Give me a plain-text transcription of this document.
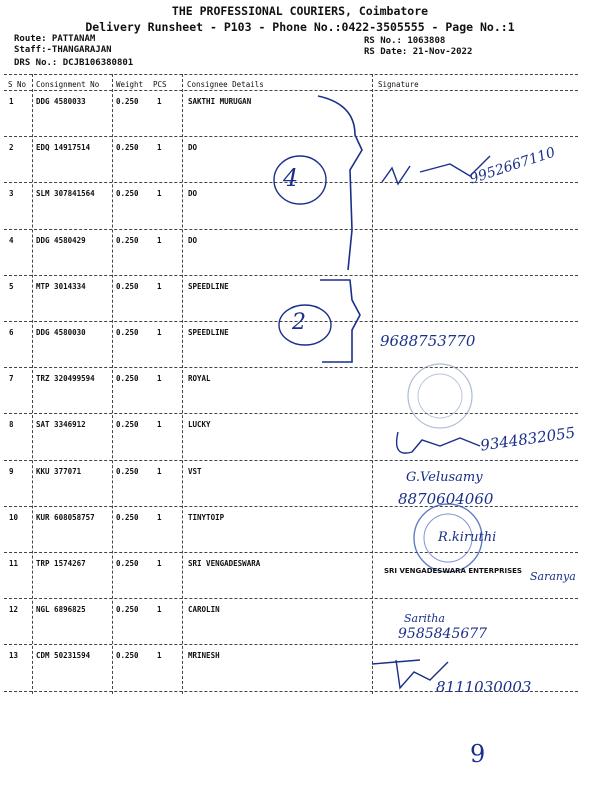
THE PROFESSIONAL COURIERS, Coimbatore
Delivery Runsheet - P103 - Phone No.:0422-3505555 - Page No.:1
Route: PATTANAM
Staff:-THANGARAJAN
DRS No.: DCJB106380801
RS No.: 1063808
RS Date: 21-Nov-2022
S No Consignment No Weight PCS	Consignee Details	Signature
1	DDG 4580033	0.250 1	SAKTHI MURUGAN
2	EDQ 14917514	0.250 1	DO
3	SLM 307841564	0.250 1	DO
4	DDG 4580429	0.250 1	DO
5	MTP 3014334	0.250 1	SPEEDLINE
6	DDG 4580030	0.250 1	SPEEDLINE
7	TRZ 320499594	0.250 1	ROYAL
8	SAT 3346912	0.250 1	LUCKY
9	KKU 377071	0.250 1	VST
10 KUR 608058757	0.250 1	TINYTOIP
11 TRP 1574267	0.250 1	SRI VENGADESWARA
12 NGL 6896825	0.250 1	CAROLIN
13 CDM 50231594	0.250 1	MRINESH
4
2
9952667110
9688753770
9344832055
G.Velusamy
8870604060
R.kiruthi
SRI VENGADESWARA ENTERPRISES Saranya
Saritha
9585845677
8111030003
9
